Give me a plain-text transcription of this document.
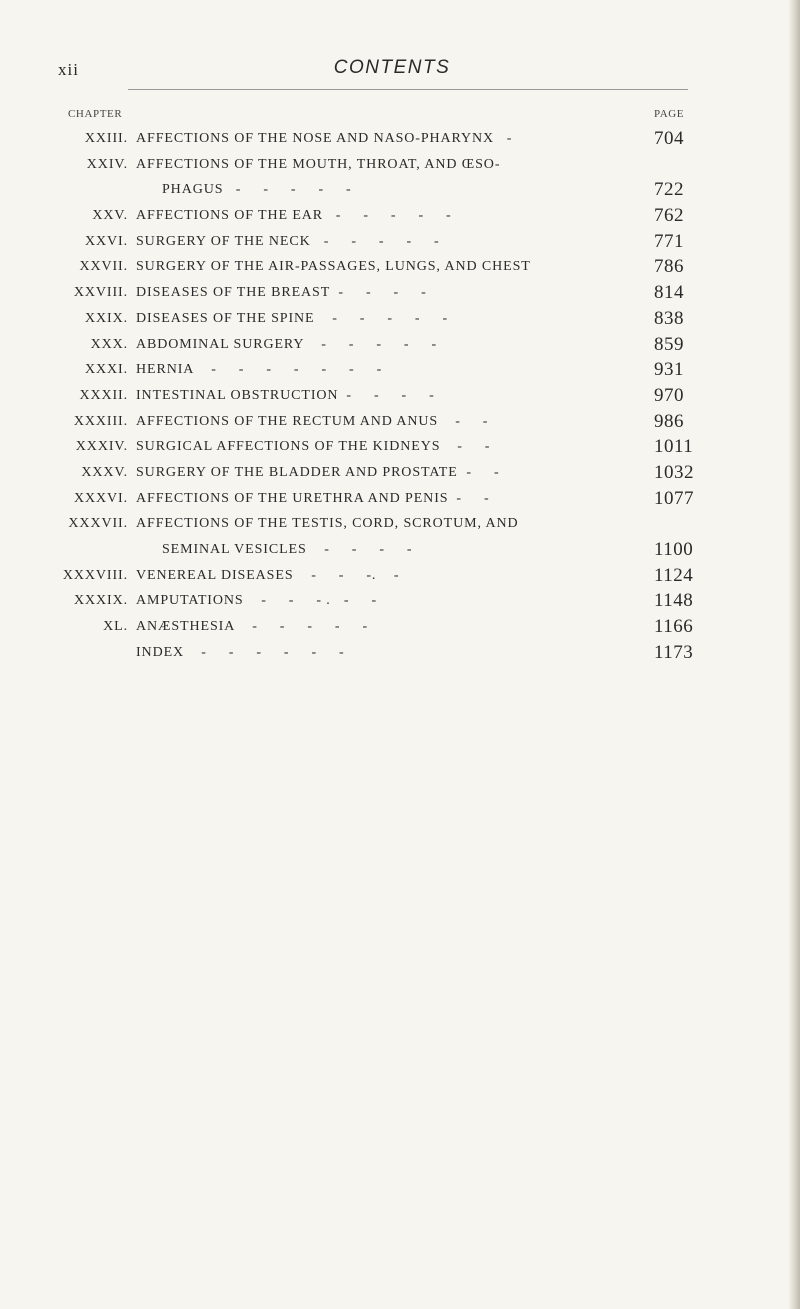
xii	CONTENTS
CHAPTER	PAGE
XXIII. AFFECTIONS OF THE NOSE AND NASO-PHARYNX -	704
XXIV. AFFECTIONS OF THE MOUTH, THROAT, AND ŒSO-
PHAGUS -     -     -     -     -	722
XXV. AFFECTIONS OF THE EAR -     -     -     -     -	762
XXVI. SURGERY OF THE NECK -     -     -     -     -	771
XXVII. SURGERY OF THE AIR-PASSAGES, LUNGS, AND CHEST	786
XXVIII. DISEASES OF THE BREAST -     -     -     -	814
XXIX. DISEASES OF THE SPINE -     -     -     -     -	838
XXX. ABDOMINAL SURGERY -     -     -     -     -	859
XXXI. HERNIA -     -     -     -     -     -     -	931
XXXII. INTESTINAL OBSTRUCTION -     -     -     -	970
XXXIII. AFFECTIONS OF THE RECTUM AND ANUS -     -	986
XXXIV. SURGICAL AFFECTIONS OF THE KIDNEYS -     -	1011
XXXV. SURGERY OF THE BLADDER AND PROSTATE -     -	1032
XXXVI. AFFECTIONS OF THE URETHRA AND PENIS -     -	1077
XXXVII. AFFECTIONS OF THE TESTIS, CORD, SCROTUM, AND
SEMINAL VESICLES -     -     -     -	1100
XXXVIII. VENEREAL DISEASES -     -     -.    -	1124
XXXIX. AMPUTATIONS -     -     - .   -     -	1148
XL. ANÆSTHESIA -     -     -     -     -	1166
INDEX -     -     -     -     -     -	1173
